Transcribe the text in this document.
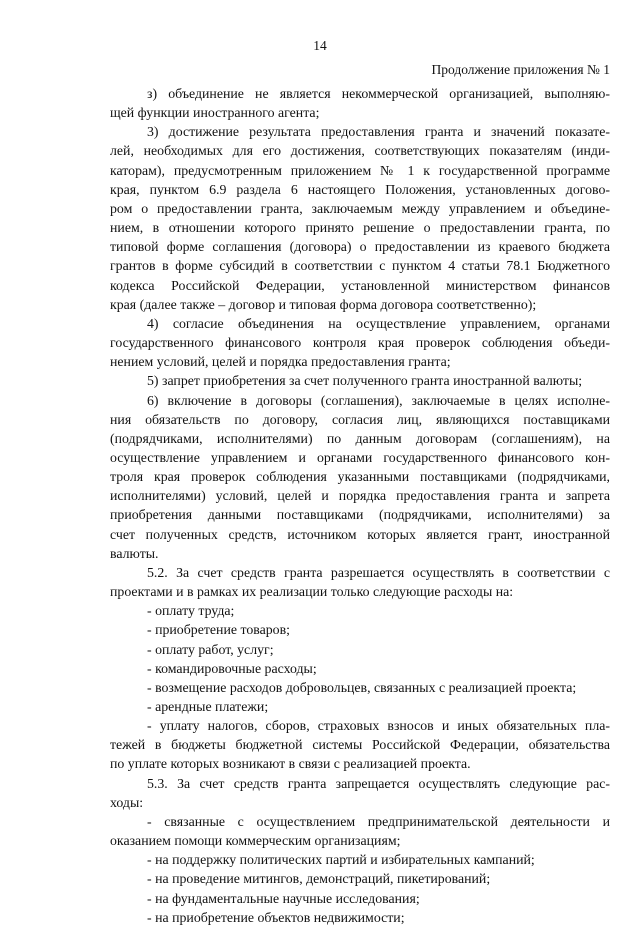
14
Продолжение приложения № 1

з) объединение не является некоммерческой организацией, выполняю-
щей функции иностранного агента;

3) достижение результата предоставления гранта и значений показате-
лей, необходимых для его достижения, соответствующих показателям (инди-
каторам), предусмотренным приложением № 1 к государственной программе
края, пунктом 6.9 раздела 6 настоящего Положения, установленных догово-
ром о предоставлении гранта, заключаемым между управлением и объедине-
нием, в отношении которого принято решение о предоставлении гранта, по
типовой форме соглашения (договора) о предоставлении из краевого бюджета
грантов в форме субсидий в соответствии с пунктом 4 статьи 78.1 Бюджетного
кодекса Российской Федерации, установленной министерством финансов
края (далее также – договор и типовая форма договора соответственно);

4) согласие объединения на осуществление управлением, органами
государственного финансового контроля края проверок соблюдения объеди-
нением условий, целей и порядка предоставления гранта;

5) запрет приобретения за счет полученного гранта иностранной валюты;

6) включение в договоры (соглашения), заключаемые в целях исполне-
ния обязательств по договору, согласия лиц, являющихся поставщиками
(подрядчиками, исполнителями) по данным договорам (соглашениям), на
осуществление управлением и органами государственного финансового кон-
троля края проверок соблюдения указанными поставщиками (подрядчиками,
исполнителями) условий, целей и порядка предоставления гранта и запрета
приобретения данными поставщиками (подрядчиками, исполнителями) за
счет полученных средств, источником которых является грант, иностранной
валюты.

5.2. За счет средств гранта разрешается осуществлять в соответствии с
проектами и в рамках их реализации только следующие расходы на:

- оплату труда;

- приобретение товаров;

- оплату работ, услуг;

- командировочные расходы;

- возмещение расходов добровольцев, связанных с реализацией проекта;

- арендные платежи;

- уплату налогов, сборов, страховых взносов и иных обязательных пла-
тежей в бюджеты бюджетной системы Российской Федерации, обязательства
по уплате которых возникают в связи с реализацией проекта.

5.3. За счет средств гранта запрещается осуществлять следующие рас-
ходы:

- связанные с осуществлением предпринимательской деятельности и
оказанием помощи коммерческим организациям;

- на поддержку политических партий и избирательных кампаний;

- на проведение митингов, демонстраций, пикетирований;

- на фундаментальные научные исследования;

- на приобретение объектов недвижимости;
